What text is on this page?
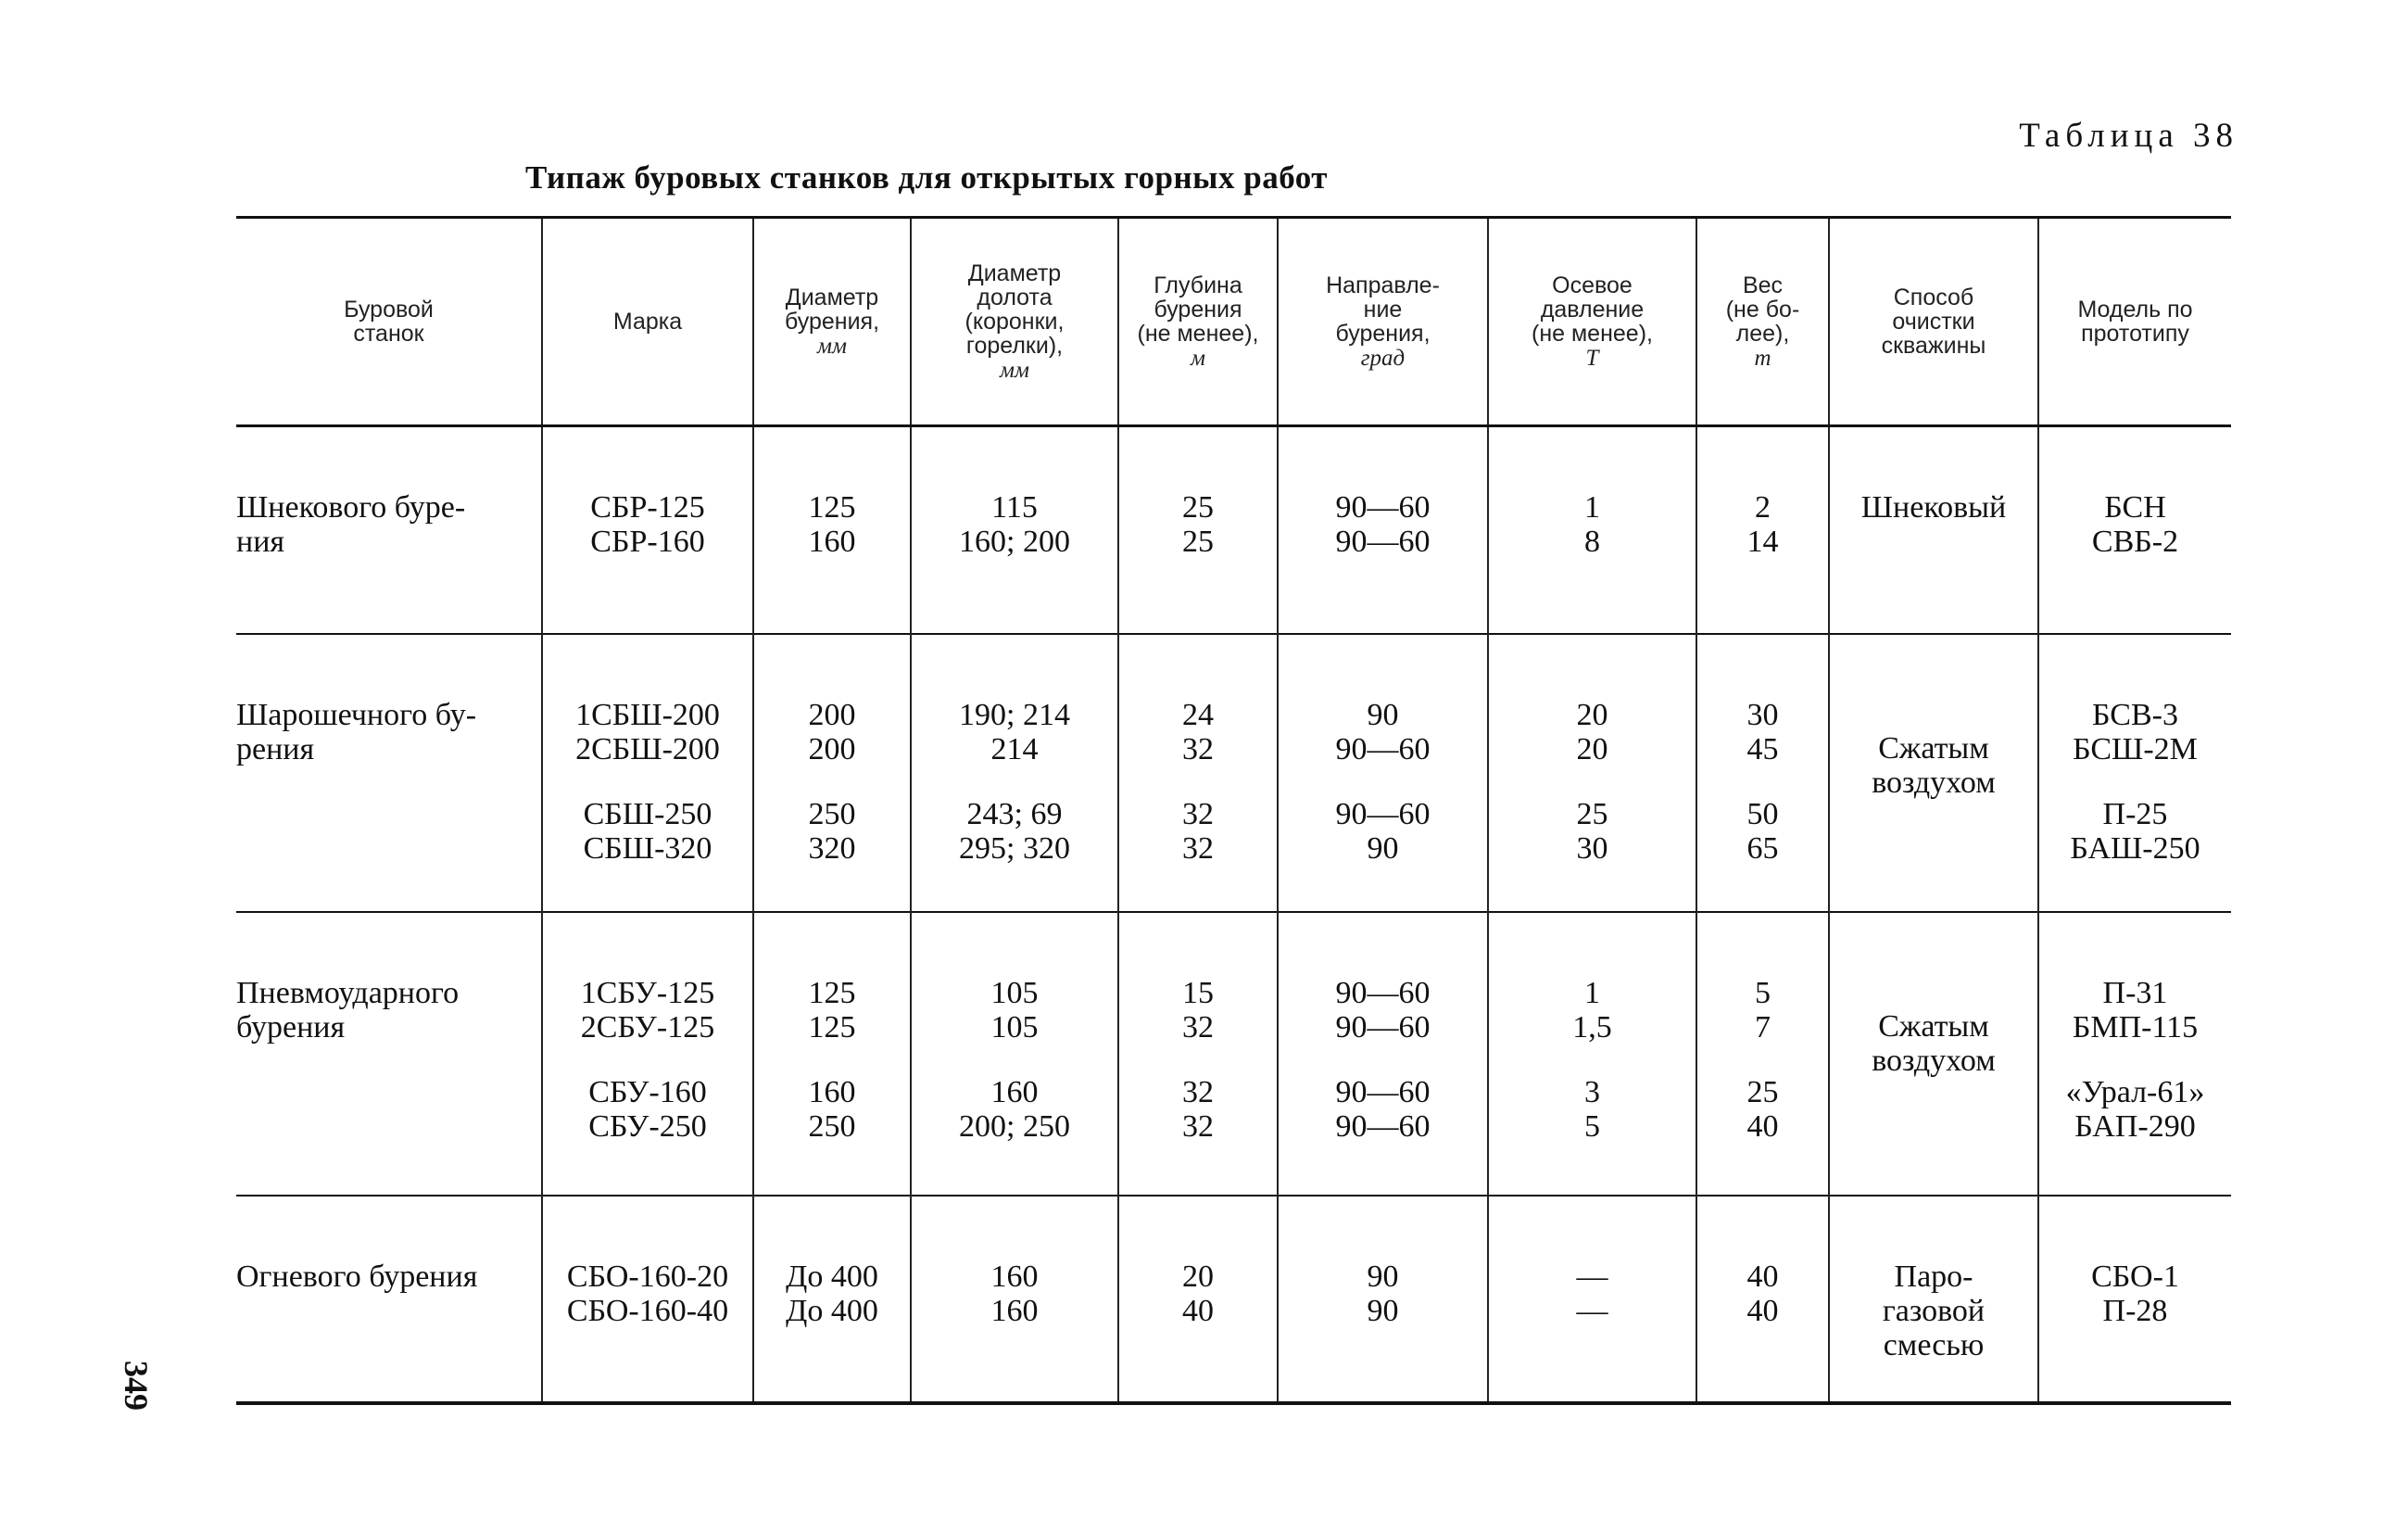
Таблица 38
Типаж буровых станков для открытых горных работ
349
Буровой
станок	Марка	Диаметр
бурения,
мм	Диаметр
долота
(коронки,
горелки),
мм	Глубина
бурения
(не менее),
м	Направле-
ние
бурения,
град	Осевое
давление
(не менее),
Т	Вес
(не бо-
лее),
т	Способ
очистки
скважины	Модель по
прототипу
Шнекового буре-
ния	СБР-125
СБР-160	125
160	115
160; 200	25
25	90—60
90—60	1
8	2
14	Шнековый	БСН
СВБ-2

Шарошечного бу-
рения	1СБШ-200
2СБШ-200
СБШ-250
СБШ-320	200
200
250
320	190; 214
214
243; 69
295; 320	24
32
32
32	90
90—60
90—60
90	20
20
25
30	30
45
50
65	Сжатым
воздухом	БСВ-3
БСШ-2М
П-25
БАШ-250

Пневмоударного
бурения	1СБУ-125
2СБУ-125
СБУ-160
СБУ-250	125
125
160
250	105
105
160
200; 250	15
32
32
32	90—60
90—60
90—60
90—60	1
1,5
3
5	5
7
25
40	Сжатым
воздухом	П-31
БМП-115
«Урал-61»
БАП-290

Огневого бурения	СБО-160-20
СБО-160-40	До 400
До 400	160
160	20
40	90
90	—
—	40
40	Паро-
газовой
смесью	СБО-1
П-28
